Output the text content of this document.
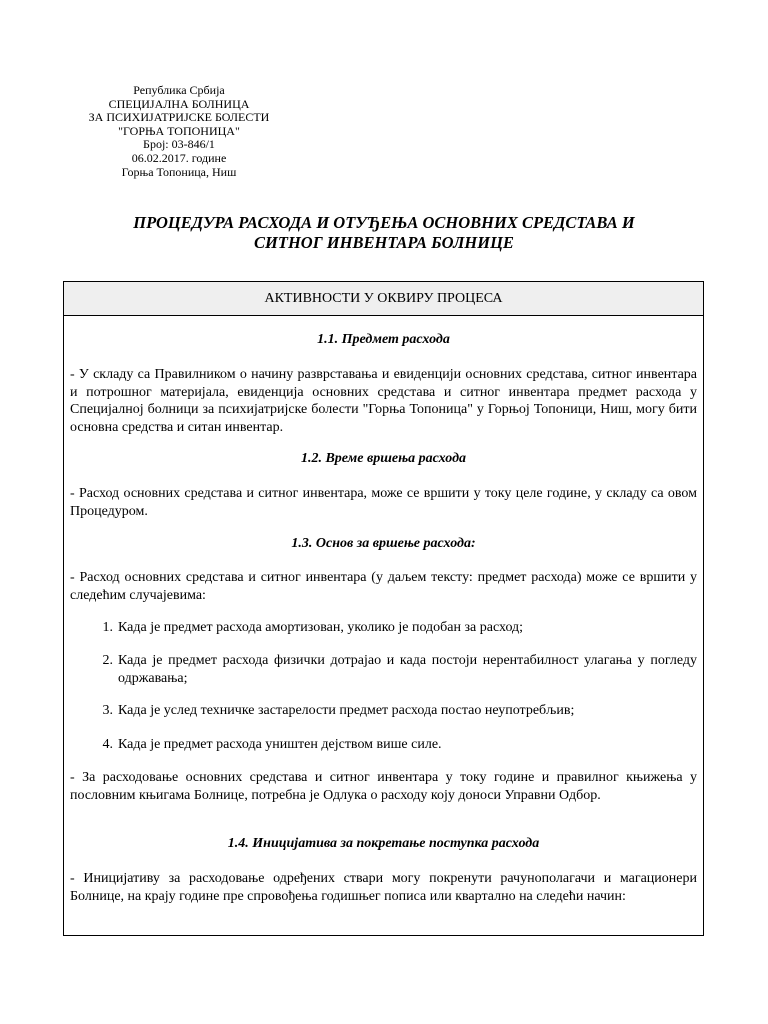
Република Србија
СПЕЦИЈАЛНА БОЛНИЦА
ЗА ПСИХИЈАТРИЈСКЕ БОЛЕСТИ
"ГОРЊА ТОПОНИЦА"
Број: 03-846/1
06.02.2017. године
Горња Топоница, Ниш
ПРОЦЕДУРА РАСХОДА И ОТУЂЕЊА ОСНОВНИХ СРЕДСТАВА И
СИТНОГ ИНВЕНТАРА БОЛНИЦЕ
АКТИВНОСТИ У ОКВИРУ ПРОЦЕСА
1.1. Предмет расхода
- У складу са Правилником о начину разврставања и евиденцији основних средстава, ситног инвентара и потрошног материјала, евиденција основних средстава и ситног инвентара предмет расхода у Специјалној болници за психијатријске болести "Горња Топоница" у Горњој Топоници, Ниш, могу бити основна средства и ситан инвентар.
1.2. Време вршења расхода
- Расход основних средстава и ситног инвентара, може се вршити у току целе године, у складу са овом Процедуром.
1.3. Основ за вршење расхода:
- Расход основних средстава и ситног инвентара (у даљем тексту: предмет расхода) може се вршити у следећим случајевима:
1. Када је предмет расхода амортизован, уколико је подобан за расход;
2. Када је предмет расхода физички дотрајао и када постоји нерентабилност улагања у погледу одржавања;
3. Када је услед техничке застарелости предмет расхода постао неупотребљив;
4. Када је предмет расхода уништен дејством више силе.
- За расходовање основних средстава и ситног инвентара у току године и правилног књижења у пословним књигама Болнице, потребна је Одлука о расходу коју доноси Управни Одбор.
1.4. Иницијатива за покретање поступка расхода
- Иницијативу за расходовање одређених ствари могу покренути рачунополагачи и магационери Болнице, на крају године пре спровођења годишњег пописа или квартално на следећи начин:
